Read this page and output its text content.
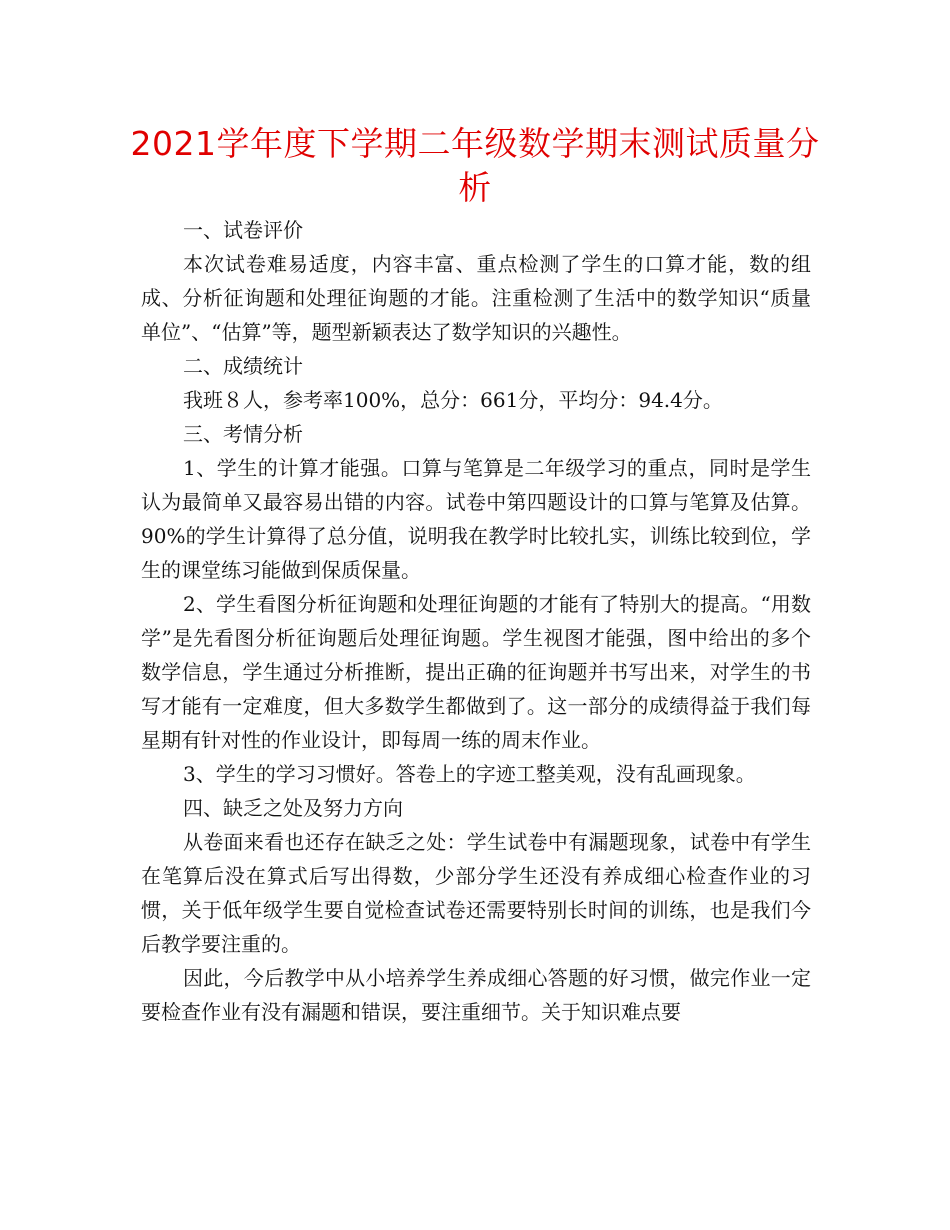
2021学年度下学期二年级数学期末测试质量分析

一、试卷评价

本次试卷难易适度，内容丰富、重点检测了学生的口算才能，数的组成、分析征询题和处理征询题的才能。注重检测了生活中的数学知识“质量单位”、“估算”等，题型新颖表达了数学知识的兴趣性。

二、成绩统计

我班８人，参考率100%，总分：661分，平均分：94.4分。

三、考情分析

1、学生的计算才能强。口算与笔算是二年级学习的重点，同时是学生认为最简单又最容易出错的内容。试卷中第四题设计的口算与笔算及估算。90%的学生计算得了总分值，说明我在教学时比较扎实，训练比较到位，学生的课堂练习能做到保质保量。

2、学生看图分析征询题和处理征询题的才能有了特别大的提高。“用数学”是先看图分析征询题后处理征询题。学生视图才能强，图中给出的多个数学信息，学生通过分析推断，提出正确的征询题并书写出来，对学生的书写才能有一定难度，但大多数学生都做到了。这一部分的成绩得益于我们每星期有针对性的作业设计，即每周一练的周末作业。

3、学生的学习习惯好。答卷上的字迹工整美观，没有乱画现象。

四、缺乏之处及努力方向

从卷面来看也还存在缺乏之处：学生试卷中有漏题现象，试卷中有学生在笔算后没在算式后写出得数，少部分学生还没有养成细心检查作业的习惯，关于低年级学生要自觉检查试卷还需要特别长时间的训练，也是我们今后教学要注重的。

因此，今后教学中从小培养学生养成细心答题的好习惯，做完作业一定要检查作业有没有漏题和错误，要注重细节。关于知识难点要
